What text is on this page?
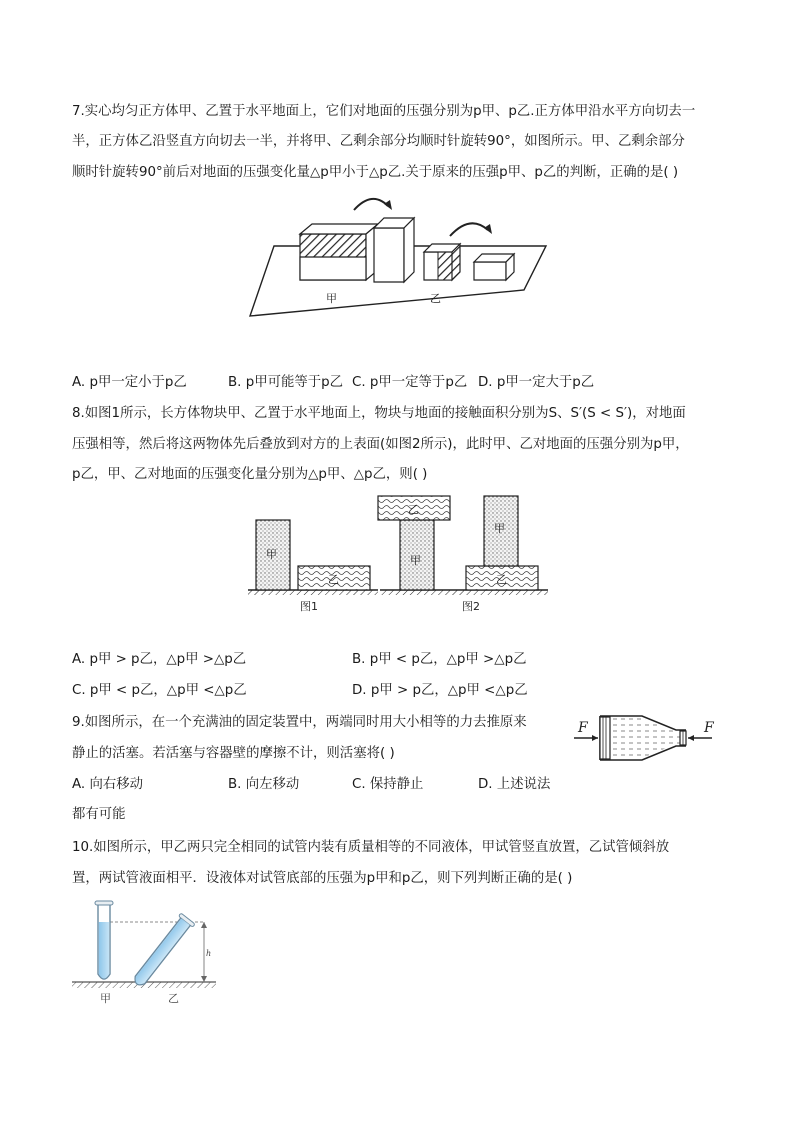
7.实心均匀正方体甲、乙置于水平地面上，它们对地面的压强分别为p甲、p乙.正方体甲沿水平方向切去一
半，正方体乙沿竖直方向切去一半，并将甲、乙剩余部分均顺时针旋转90°，如图所示。甲、乙剩余部分
顺时针旋转90°前后对地面的压强变化量△p甲小于△p乙.关于原来的压强p甲、p乙的判断，正确的是( )
甲	乙
A. p甲一定小于p乙	B. p甲可能等于p乙 C. p甲一定等于p乙 D. p甲一定大于p乙
8.如图1所示，长方体物块甲、乙置于水平地面上，物块与地面的接触面积分别为S、S′(S < S′)，对地面
压强相等，然后将这两物体先后叠放到对方的上表面(如图2所示)，此时甲、乙对地面的压强分别为p甲，
p乙，甲、乙对地面的压强变化量分别为△p甲、△p乙，则( )
甲
乙
甲
乙
乙
甲
图1	图2
A. p甲 > p乙，△p甲 >△p乙	B. p甲 < p乙，△p甲 >△p乙
C. p甲 < p乙，△p甲 <△p乙	D. p甲 > p乙，△p甲 <△p乙
9.如图所示，在一个充满油的固定装置中，两端同时用大小相等的力去推原来
静止的活塞。若活塞与容器壁的摩擦不计，则活塞将( )
F	F
A. 向右移动	B. 向左移动	C. 保持静止	D. 上述说法
都有可能
10.如图所示，甲乙两只完全相同的试管内装有质量相等的不同液体，甲试管竖直放置，乙试管倾斜放
置，两试管液面相平．设液体对试管底部的压强为p甲和p乙，则下列判断正确的是( )
h
甲	乙
